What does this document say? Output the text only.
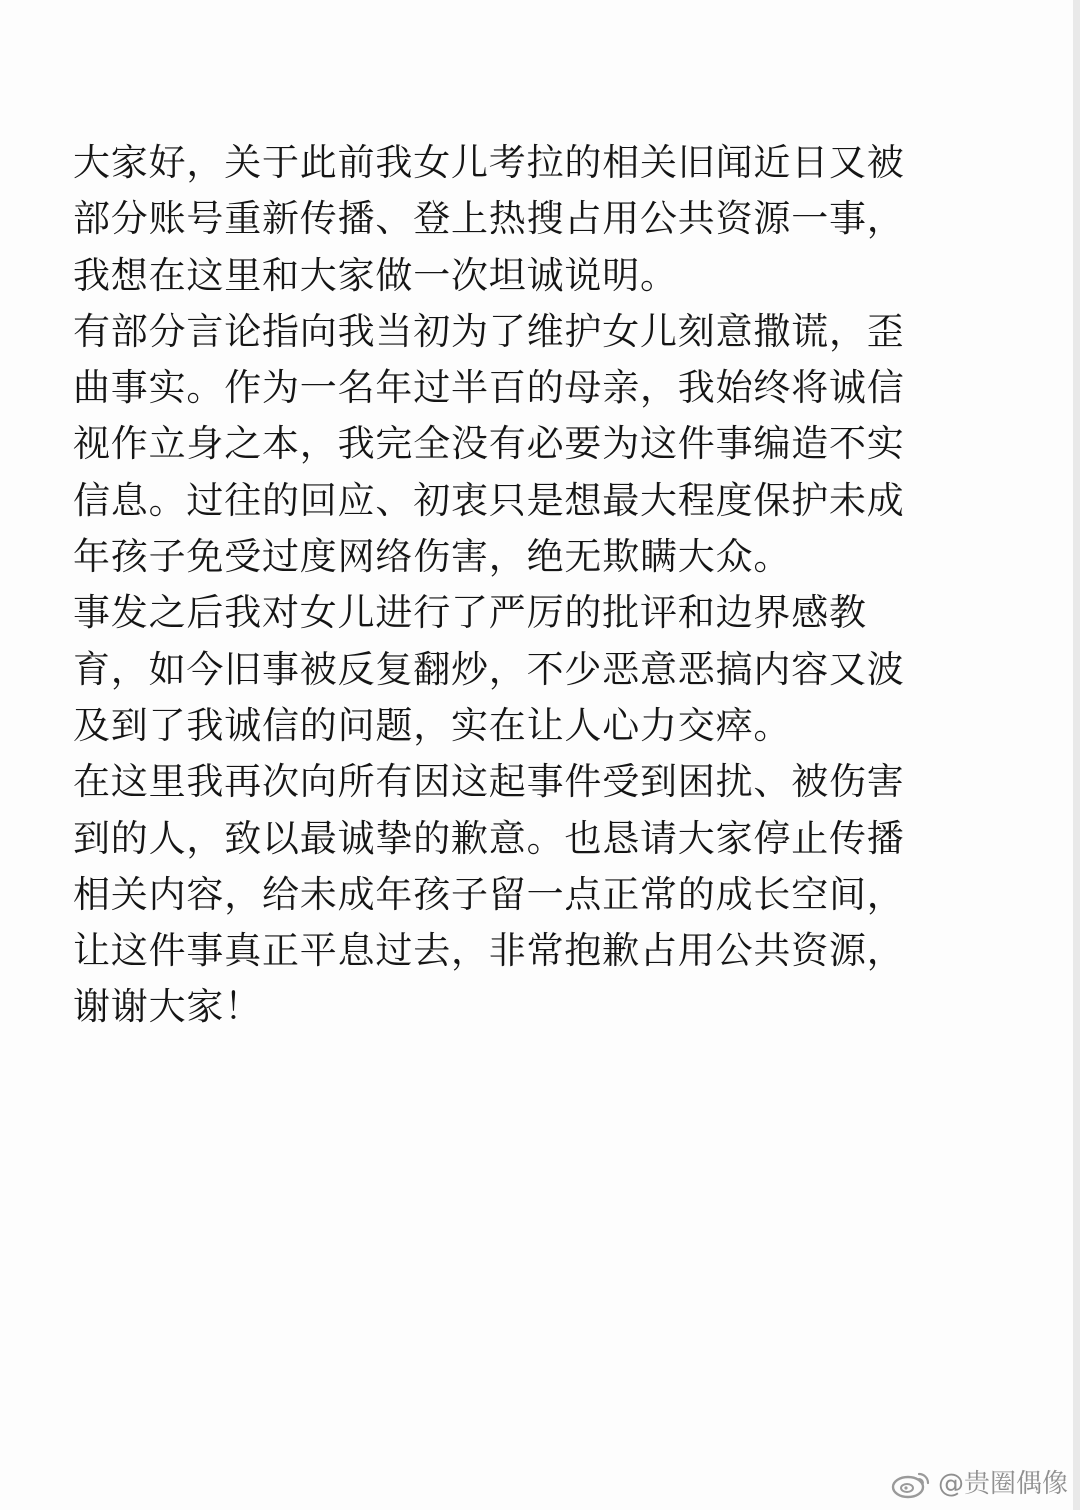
大家好，关于此前我女儿考拉的相关旧闻近日又被
部分账号重新传播、登上热搜占用公共资源一事，
我想在这里和大家做一次坦诚说明。

有部分言论指向我当初为了维护女儿刻意撒谎，歪
曲事实。作为一名年过半百的母亲，我始终将诚信
视作立身之本，我完全没有必要为这件事编造不实
信息。过往的回应、初衷只是想最大程度保护未成
年孩子免受过度网络伤害，绝无欺瞒大众。

事发之后我对女儿进行了严厉的批评和边界感教
育，如今旧事被反复翻炒，不少恶意恶搞内容又波
及到了我诚信的问题，实在让人心力交瘁。

在这里我再次向所有因这起事件受到困扰、被伤害
到的人，致以最诚挚的歉意。也恳请大家停止传播
相关内容，给未成年孩子留一点正常的成长空间，
让这件事真正平息过去，非常抱歉占用公共资源，
谢谢大家！

@贵圈偶像
